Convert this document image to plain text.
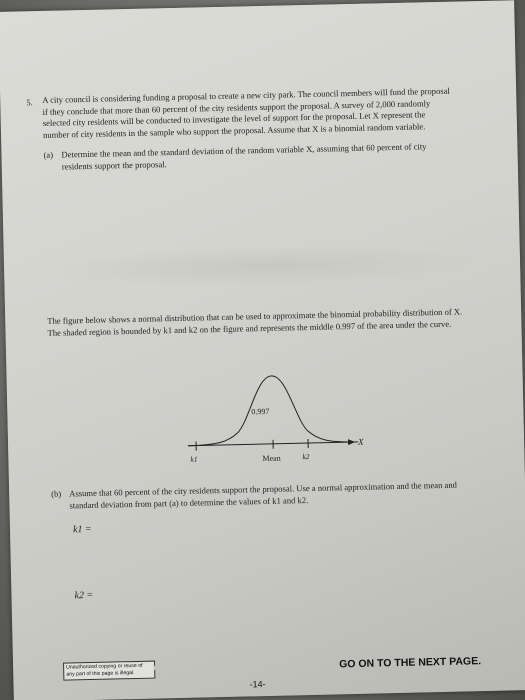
5. A city council is considering funding a proposal to create a new city park. The council members will fund the proposal if they conclude that more than 60 percent of the city residents support the proposal. A survey of 2,000 randomly selected city residents will be conducted to investigate the level of support for the proposal. Let X represent the number of city residents in the sample who support the proposal. Assume that X is a binomial random variable.
(a) Determine the mean and the standard deviation of the random variable X, assuming that 60 percent of city residents support the proposal.
The figure below shows a normal distribution that can be used to approximate the binomial probability distribution of X. The shaded region is bounded by k1 and k2 on the figure and represents the middle 0.997 of the area under the curve.
0.997
Mean
k1	k2
X
(b) Assume that 60 percent of the city residents support the proposal. Use a normal approximation and the mean and standard deviation from part (a) to determine the values of k1 and k2.
k1 =
k2 =
Unauthorized copying or reuse of any part of this page is illegal.
■■■	GO ON TO THE NEXT PAGE.
-14-
